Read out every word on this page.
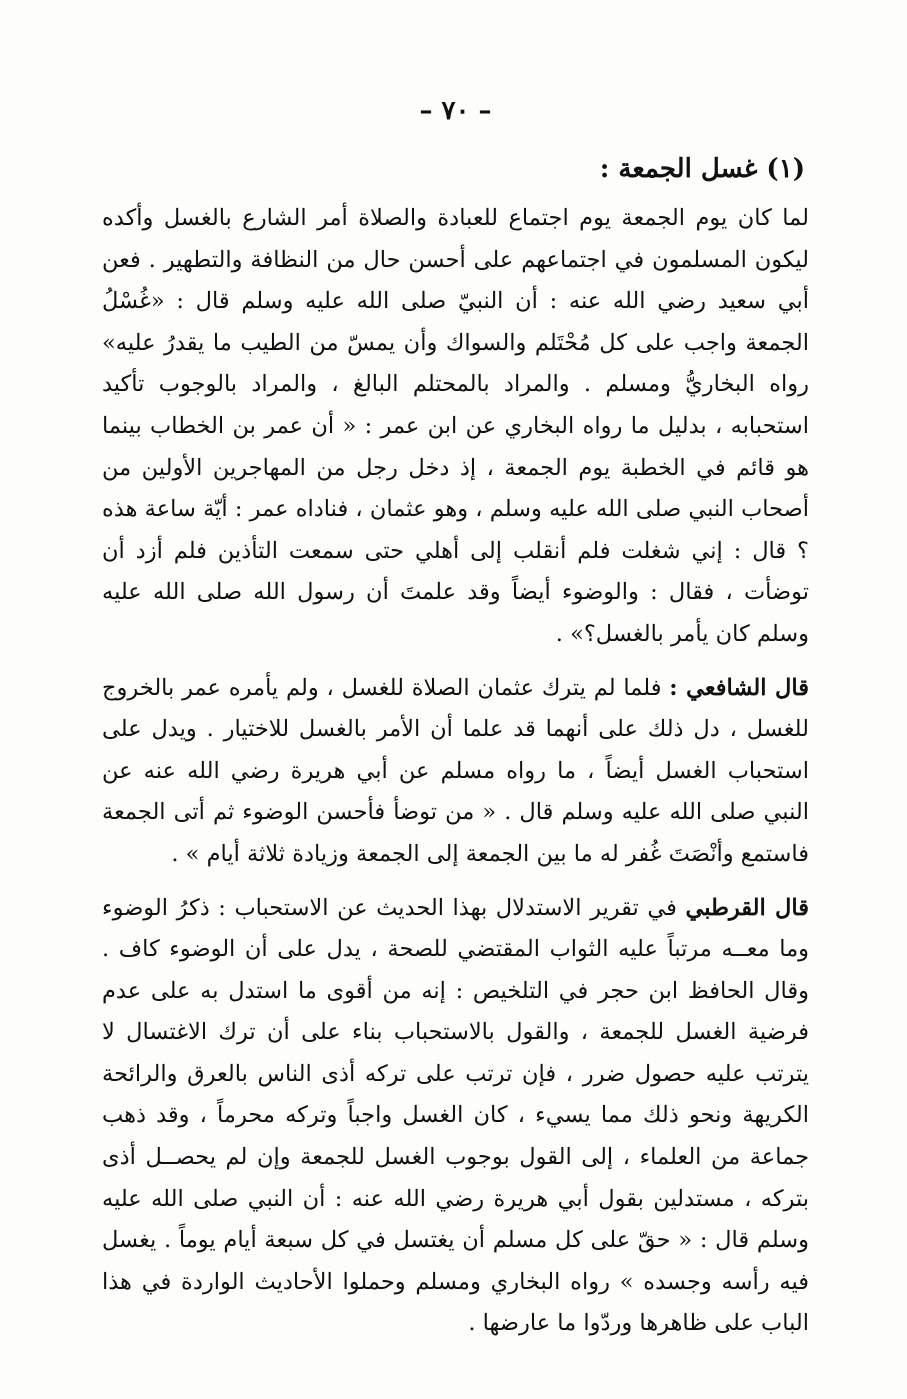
– ٧٠ –
(١) غسل الجمعة :

لما كان يوم الجمعة يوم اجتماع للعبادة والصلاة أمر الشارع بالغسل وأكده ليكون المسلمون في اجتماعهم على أحسن حال من النظافة والتطهير . فعن أبي سعيد رضي الله عنه : أن النبيّ صلى الله عليه وسلم قال : «غُسْلُ الجمعة واجب على كل مُحْتَلم والسواك وأن يمسّ من الطيب ما يقدرُ عليه» رواه البخاريُّ ومسلم . والمراد بالمحتلم البالغ ، والمراد بالوجوب تأكيد استحبابه ، بدليل ما رواه البخاري عن ابن عمر : « أن عمر بن الخطاب بينما هو قائم في الخطبة يوم الجمعة ، إذ دخل رجل من المهاجرين الأولين من أصحاب النبي صلى الله عليه وسلم ، وهو عثمان ، فناداه عمر : أيّة ساعة هذه ؟ قال : إني شغلت فلم أنقلب إلى أهلي حتى سمعت التأذين فلم أزد أن توضأت ، فقال : والوضوء أيضاً وقد علمتَ أن رسول الله صلى الله عليه وسلم كان يأمر بالغسل؟» .

قال الشافعي : فلما لم يترك عثمان الصلاة للغسل ، ولم يأمره عمر بالخروج للغسل ، دل ذلك على أنهما قد علما أن الأمر بالغسل للاختيار . ويدل على استحباب الغسل أيضاً ، ما رواه مسلم عن أبي هريرة رضي الله عنه عن النبي صلى الله عليه وسلم قال . « من توضأ فأحسن الوضوء ثم أتى الجمعة فاستمع وأنْصَتَ غُفر له ما بين الجمعة إلى الجمعة وزيادة ثلاثة أيام » .

قال القرطبي في تقرير الاستدلال بهذا الحديث عن الاستحباب : ذكرُ الوضوء وما معــه مرتباً عليه الثواب المقتضي للصحة ، يدل على أن الوضوء كاف . وقال الحافظ ابن حجر في التلخيص : إنه من أقوى ما استدل به على عدم فرضية الغسل للجمعة ، والقول بالاستحباب بناء على أن ترك الاغتسال لا يترتب عليه حصول ضرر ، فإن ترتب على تركه أذى الناس بالعرق والرائحة الكريهة ونحو ذلك مما يسيء ، كان الغسل واجباً وتركه محرماً ، وقد ذهب جماعة من العلماء ، إلى القول بوجوب الغسل للجمعة وإن لم يحصــل أذى بتركه ، مستدلين بقول أبي هريرة رضي الله عنه : أن النبي صلى الله عليه وسلم قال : « حقّ على كل مسلم أن يغتسل في كل سبعة أيام يوماً . يغسل فيه رأسه وجسده » رواه البخاري ومسلم وحملوا الأحاديث الواردة في هذا الباب على ظاهرها وردّوا ما عارضها .
